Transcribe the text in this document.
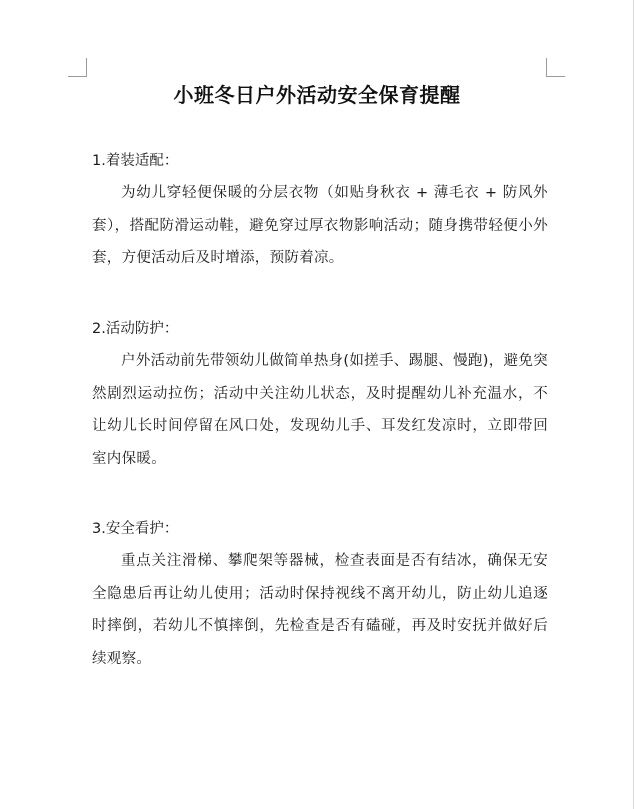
小班冬日户外活动安全保育提醒

1.着装适配：

为幼儿穿轻便保暖的分层衣物（如贴身秋衣 + 薄毛衣 + 防风外套），搭配防滑运动鞋，避免穿过厚衣物影响活动；随身携带轻便小外套，方便活动后及时增添，预防着凉。

2.活动防护：

户外活动前先带领幼儿做简单热身(如搓手、踢腿、慢跑)，避免突然剧烈运动拉伤；活动中关注幼儿状态，及时提醒幼儿补充温水，不让幼儿长时间停留在风口处，发现幼儿手、耳发红发凉时，立即带回室内保暖。

3.安全看护：

重点关注滑梯、攀爬架等器械，检查表面是否有结冰，确保无安全隐患后再让幼儿使用；活动时保持视线不离开幼儿，防止幼儿追逐时摔倒，若幼儿不慎摔倒，先检查是否有磕碰，再及时安抚并做好后续观察。
